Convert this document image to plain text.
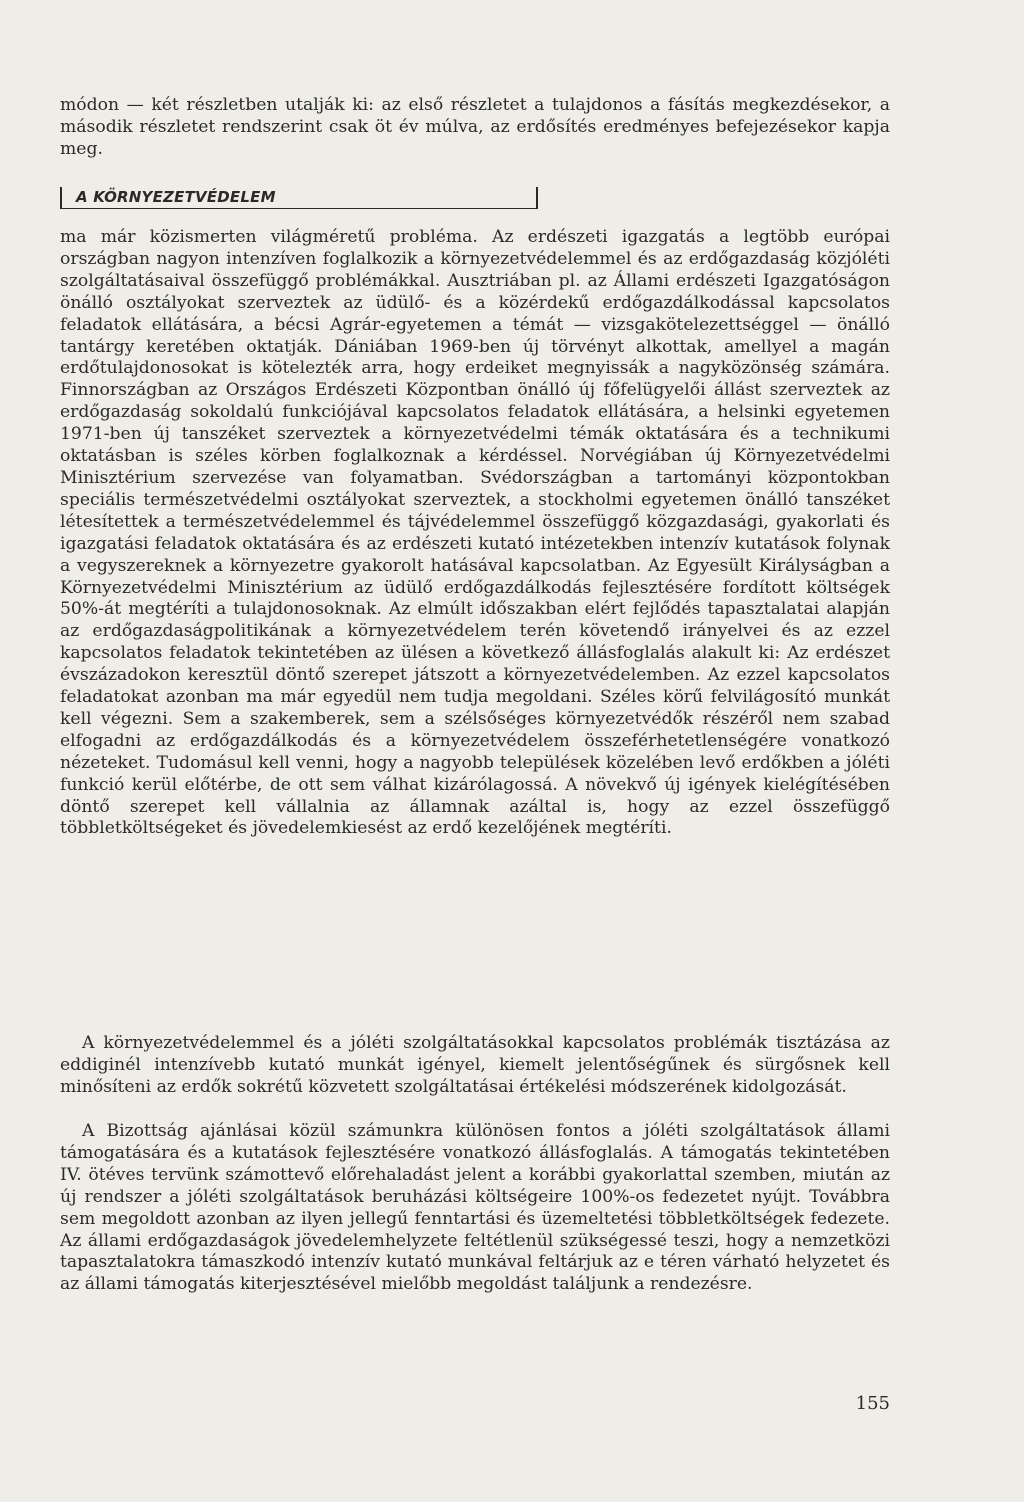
módon — két részletben utalják ki: az első részletet a tulajdonos a fásítás megkezdésekor, a második részletet rendszerint csak öt év múlva, az erdősítés eredményes befejezésekor kapja meg.

A KÖRNYEZETVÉDELEM

ma már közismerten világméretű probléma. Az erdészeti igazgatás a legtöbb európai országban nagyon intenzíven foglalkozik a környezetvédelemmel és az erdőgazdaság közjóléti szolgáltatásaival összefüggő problémákkal. Ausztriában pl. az Állami erdészeti Igazgatóságon önálló osztályokat szerveztek az üdülő- és a közérdekű erdőgazdálkodással kapcsolatos feladatok ellátására, a bécsi Agrár-egyetemen a témát — vizsgakötelezettséggel — önálló tantárgy keretében oktatják. Dániában 1969-ben új törvényt alkottak, amellyel a magán erdőtulajdonosokat is kötelezték arra, hogy erdeiket megnyissák a nagyközönség számára. Finnországban az Országos Erdészeti Központban önálló új főfelügyelői állást szerveztek az erdőgazdaság sokoldalú funkciójával kapcsolatos feladatok ellátására, a helsinki egyetemen 1971-ben új tanszéket szerveztek a környezetvédelmi témák oktatására és a technikumi oktatásban is széles körben foglalkoznak a kérdéssel. Norvégiában új Környezetvédelmi Minisztérium szervezése van folyamatban. Svédországban a tartományi központokban speciális természetvédelmi osztályokat szerveztek, a stockholmi egyetemen önálló tanszéket létesítettek a természetvédelemmel és tájvédelemmel összefüggő közgazdasági, gyakorlati és igazgatási feladatok oktatására és az erdészeti kutató intézetekben intenzív kutatások folynak a vegyszereknek a környezetre gyakorolt hatásával kapcsolatban. Az Egyesült Királyságban a Környezetvédelmi Minisztérium az üdülő erdőgazdálkodás fejlesztésére fordított költségek 50%-át megtéríti a tulajdonosoknak. Az elmúlt időszakban elért fejlődés tapasztalatai alapján az erdőgazdaságpolitikának a környezetvédelem terén követendő irányelvei és az ezzel kapcsolatos feladatok tekintetében az ülésen a következő állásfoglalás alakult ki: Az erdészet évszázadokon keresztül döntő szerepet játszott a környezetvédelemben. Az ezzel kapcsolatos feladatokat azonban ma már egyedül nem tudja megoldani. Széles körű felvilágosító munkát kell végezni. Sem a szakemberek, sem a szélsőséges környezetvédők részéről nem szabad elfogadni az erdőgazdálkodás és a környezetvédelem összeférhetetlenségére vonatkozó nézeteket. Tudomásul kell venni, hogy a nagyobb települések közelében levő erdőkben a jóléti funkció kerül előtérbe, de ott sem válhat kizárólagossá. A növekvő új igények kielégítésében döntő szerepet kell vállalnia az államnak azáltal is, hogy az ezzel összefüggő többletköltségeket és jövedelemkiesést az erdő kezelőjének megtéríti.

A környezetvédelemmel és a jóléti szolgáltatásokkal kapcsolatos problémák tisztázása az eddiginél intenzívebb kutató munkát igényel, kiemelt jelentőségűnek és sürgősnek kell minősíteni az erdők sokrétű közvetett szolgáltatásai értékelési módszerének kidolgozását.

A Bizottság ajánlásai közül számunkra különösen fontos a jóléti szolgáltatások állami támogatására és a kutatások fejlesztésére vonatkozó állásfoglalás. A támogatás tekintetében IV. ötéves tervünk számottevő előrehaladást jelent a korábbi gyakorlattal szemben, miután az új rendszer a jóléti szolgáltatások beruházási költségeire 100%-os fedezetet nyújt. Továbbra sem megoldott azonban az ilyen jellegű fenntartási és üzemeltetési többletköltségek fedezete. Az állami erdőgazdaságok jövedelemhelyzete feltétlenül szükségessé teszi, hogy a nemzetközi tapasztalatokra támaszkodó intenzív kutató munkával feltárjuk az e téren várható helyzetet és az állami támogatás kiterjesztésével mielőbb megoldást találjunk a rendezésre.

155
